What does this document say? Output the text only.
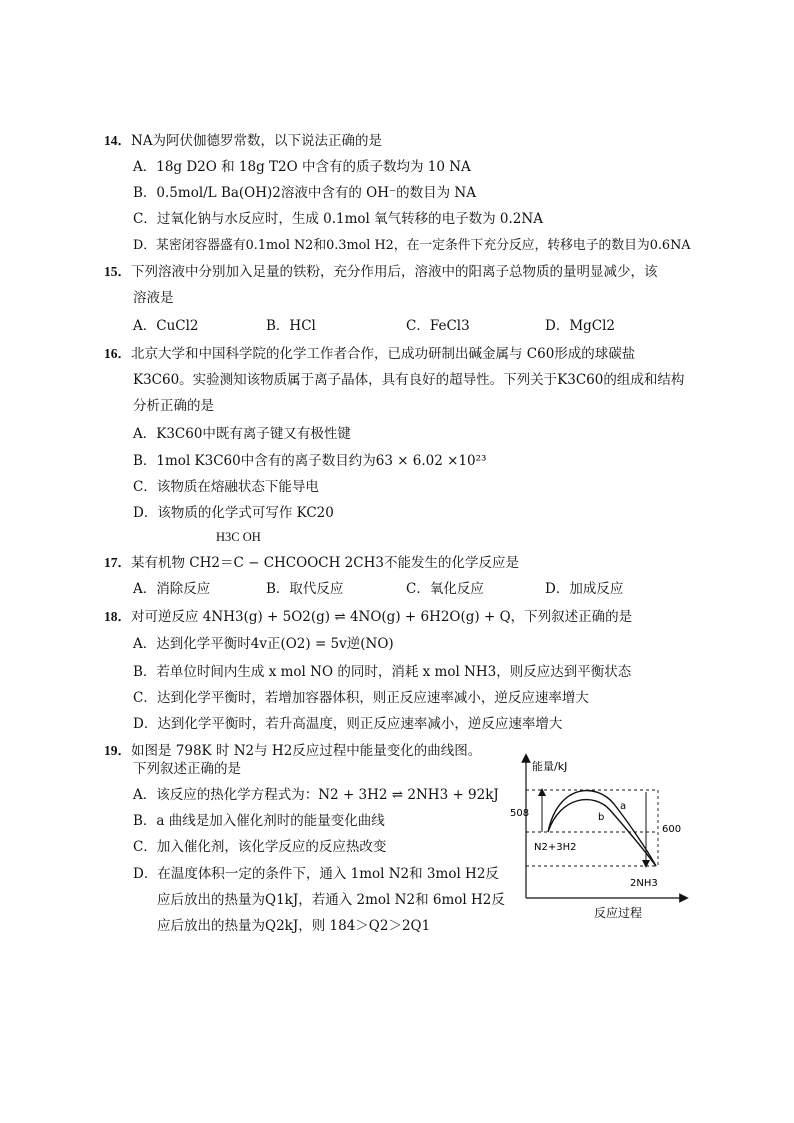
14．NA为阿伏伽德罗常数，以下说法正确的是
A．18g D2O 和 18g T2O 中含有的质子数均为 10 NA
B．0.5mol/L Ba(OH)2溶液中含有的 OH⁻的数目为 NA
C．过氧化钠与水反应时，生成 0.1mol 氧气转移的电子数为 0.2NA
D．某密闭容器盛有0.1mol N2和0.3mol H2，在一定条件下充分反应，转移电子的数目为0.6NA
15．下列溶液中分别加入足量的铁粉，充分作用后，溶液中的阳离子总物质的量明显减少，该
溶液是
A．CuCl2	B．HCl	C．FeCl3	D．MgCl2
16．北京大学和中国科学院的化学工作者合作，已成功研制出碱金属与 C60形成的球碳盐
K3C60。实验测知该物质属于离子晶体，具有良好的超导性。下列关于K3C60的组成和结构
分析正确的是
A．K3C60中既有离子键又有极性键
B．1mol K3C60中含有的离子数目约为63 × 6.02 ×10²³
C．该物质在熔融状态下能导电
D．该物质的化学式可写作 KC20
H3C OH
17．某有机物 CH2＝C − CHCOOCH 2CH3不能发生的化学反应是
A．消除反应	B．取代反应	C．氧化反应	D．加成反应
18．对可逆反应 4NH3(g) + 5O2(g) ⇌ 4NO(g) + 6H2O(g) + Q，下列叙述正确的是
A．达到化学平衡时4v正(O2) = 5v逆(NO)
B．若单位时间内生成 x mol NO 的同时，消耗 x mol NH3，则反应达到平衡状态
C．达到化学平衡时，若增加容器体积，则正反应速率减小，逆反应速率增大
D．达到化学平衡时，若升高温度，则正反应速率减小，逆反应速率增大
19．如图是 798K 时 N2与 H2反应过程中能量变化的曲线图。
下列叙述正确的是
A．该反应的热化学方程式为：N2 + 3H2 ⇌ 2NH3 + 92kJ
B．a 曲线是加入催化剂时的能量变化曲线
C．加入催化剂，该化学反应的反应热改变
D．在温度体积一定的条件下，通入 1mol N2和 3mol H2反
应后放出的热量为Q1kJ，若通入 2mol N2和 6mol H2反
应后放出的热量为Q2kJ，则 184＞Q2＞2Q1
能量/kJ
508
600
a
b
N2+3H2
2NH3
反应过程
